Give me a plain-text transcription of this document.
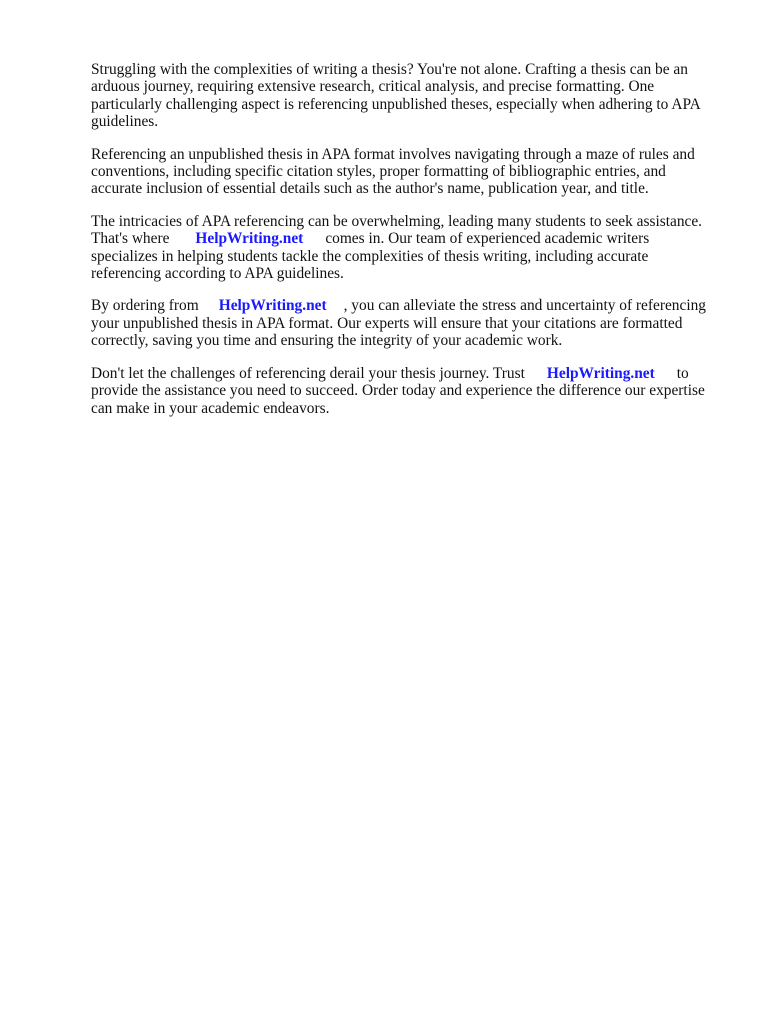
Struggling with the complexities of writing a thesis? You're not alone. Crafting a thesis can be an
arduous journey, requiring extensive research, critical analysis, and precise formatting. One
particularly challenging aspect is referencing unpublished theses, especially when adhering to APA
guidelines.

Referencing an unpublished thesis in APA format involves navigating through a maze of rules and
conventions, including specific citation styles, proper formatting of bibliographic entries, and
accurate inclusion of essential details such as the author's name, publication year, and title.

The intricacies of APA referencing can be overwhelming, leading many students to seek assistance.
That's where HelpWriting.net comes in. Our team of experienced academic writers
specializes in helping students tackle the complexities of thesis writing, including accurate
referencing according to APA guidelines.

By ordering from HelpWriting.net , you can alleviate the stress and uncertainty of referencing
your unpublished thesis in APA format. Our experts will ensure that your citations are formatted
correctly, saving you time and ensuring the integrity of your academic work.

Don't let the challenges of referencing derail your thesis journey. Trust HelpWriting.net to
provide the assistance you need to succeed. Order today and experience the difference our expertise
can make in your academic endeavors.
